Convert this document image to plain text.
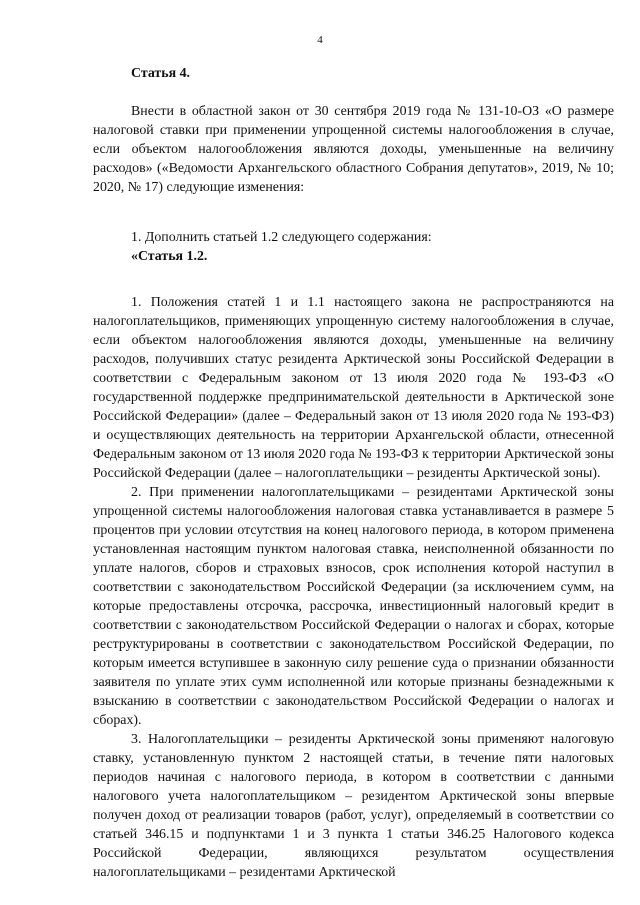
4

Статья 4.

Внести в областной закон от 30 сентября 2019 года № 131-10-ОЗ «О размере налоговой ставки при применении упрощенной системы налогообложения в случае, если объектом налогообложения являются доходы, уменьшенные на величину расходов» («Ведомости Архангельского областного Собрания депутатов», 2019, № 10; 2020, № 17) следующие изменения:

1. Дополнить статьей 1.2 следующего содержания:

«Статья 1.2.

1. Положения статей 1 и 1.1 настоящего закона не распространяются на налогоплательщиков, применяющих упрощенную систему налогообложения в случае, если объектом налогообложения являются доходы, уменьшенные на величину расходов, получивших статус резидента Арктической зоны Российской Федерации в соответствии с Федеральным законом от 13 июля 2020 года № 193-ФЗ «О государственной поддержке предпринимательской деятельности в Арктической зоне Российской Федерации» (далее – Федеральный закон от 13 июля 2020 года № 193-ФЗ) и осуществляющих деятельность на территории Архангельской области, отнесенной Федеральным законом от 13 июля 2020 года № 193-ФЗ к территории Арктической зоны Российской Федерации (далее – налогоплательщики – резиденты Арктической зоны).

2. При применении налогоплательщиками – резидентами Арктической зоны упрощенной системы налогообложения налоговая ставка устанавливается в размере 5 процентов при условии отсутствия на конец налогового периода, в котором применена установленная настоящим пунктом налоговая ставка, неисполненной обязанности по уплате налогов, сборов и страховых взносов, срок исполнения которой наступил в соответствии с законодательством Российской Федерации (за исключением сумм, на которые предоставлены отсрочка, рассрочка, инвестиционный налоговый кредит в соответствии с законодательством Российской Федерации о налогах и сборах, которые реструктурированы в соответствии с законодательством Российской Федерации, по которым имеется вступившее в законную силу решение суда о признании обязанности заявителя по уплате этих сумм исполненной или которые признаны безнадежными к взысканию в соответствии с законодательством Российской Федерации о налогах и сборах).

3. Налогоплательщики – резиденты Арктической зоны применяют налоговую ставку, установленную пунктом 2 настоящей статьи, в течение пяти налоговых периодов начиная с налогового периода, в котором в соответствии с данными налогового учета налогоплательщиком – резидентом Арктической зоны впервые получен доход от реализации товаров (работ, услуг), определяемый в соответствии со статьей 346.15 и подпунктами 1 и 3 пункта 1 статьи 346.25 Налогового кодекса Российской Федерации, являющихся результатом осуществления налогоплательщиками – резидентами Арктической
